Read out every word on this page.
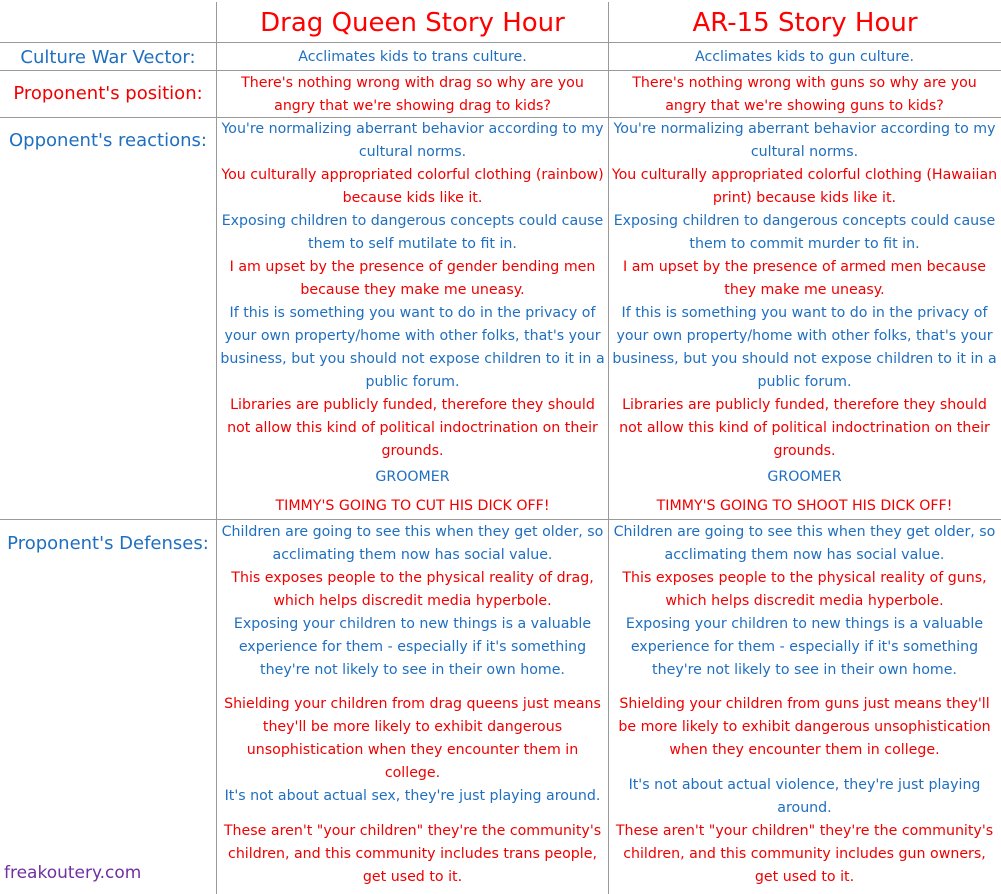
Drag Queen Story Hour	AR-15 Story Hour
Culture War Vector:
Proponent's position:
Opponent's reactions:
Proponent's Defenses:
Acclimates kids to trans culture.	Acclimates kids to gun culture.
There's nothing wrong with drag so why are you angry that we're showing drag to kids?
There's nothing wrong with guns so why are you angry that we're showing guns to kids?
You're normalizing aberrant behavior according to my cultural norms.
You culturally appropriated colorful clothing (rainbow) because kids like it.
Exposing children to dangerous concepts could cause them to self mutilate to fit in.
I am upset by the presence of gender bending men because they make me uneasy.
If this is something you want to do in the privacy of your own property/home with other folks, that's your business, but you should not expose children to it in a public forum.
Libraries are publicly funded, therefore they should not allow this kind of political indoctrination on their grounds.
GROOMER
TIMMY'S GOING TO CUT HIS DICK OFF!
You're normalizing aberrant behavior according to my cultural norms.
You culturally appropriated colorful clothing (Hawaiian print) because kids like it.
Exposing children to dangerous concepts could cause them to commit murder to fit in.
I am upset by the presence of armed men because they make me uneasy.
If this is something you want to do in the privacy of your own property/home with other folks, that's your business, but you should not expose children to it in a public forum.
Libraries are publicly funded, therefore they should not allow this kind of political indoctrination on their grounds.
GROOMER
TIMMY'S GOING TO SHOOT HIS DICK OFF!
Children are going to see this when they get older, so acclimating them now has social value.
This exposes people to the physical reality of drag, which helps discredit media hyperbole.
Exposing your children to new things is a valuable experience for them - especially if it's something they're not likely to see in their own home.
Shielding your children from drag queens just means they'll be more likely to exhibit dangerous unsophistication when they encounter them in college.
It's not about actual sex, they're just playing around.
These aren't "your children" they're the community's children, and this community includes trans people, get used to it.
Children are going to see this when they get older, so acclimating them now has social value.
This exposes people to the physical reality of guns, which helps discredit media hyperbole.
Exposing your children to new things is a valuable experience for them - especially if it's something they're not likely to see in their own home.
Shielding your children from guns just means they'll be more likely to exhibit dangerous unsophistication when they encounter them in college.
It's not about actual violence, they're just playing around.
These aren't "your children" they're the community's children, and this community includes gun owners, get used to it.
freakoutery.com
